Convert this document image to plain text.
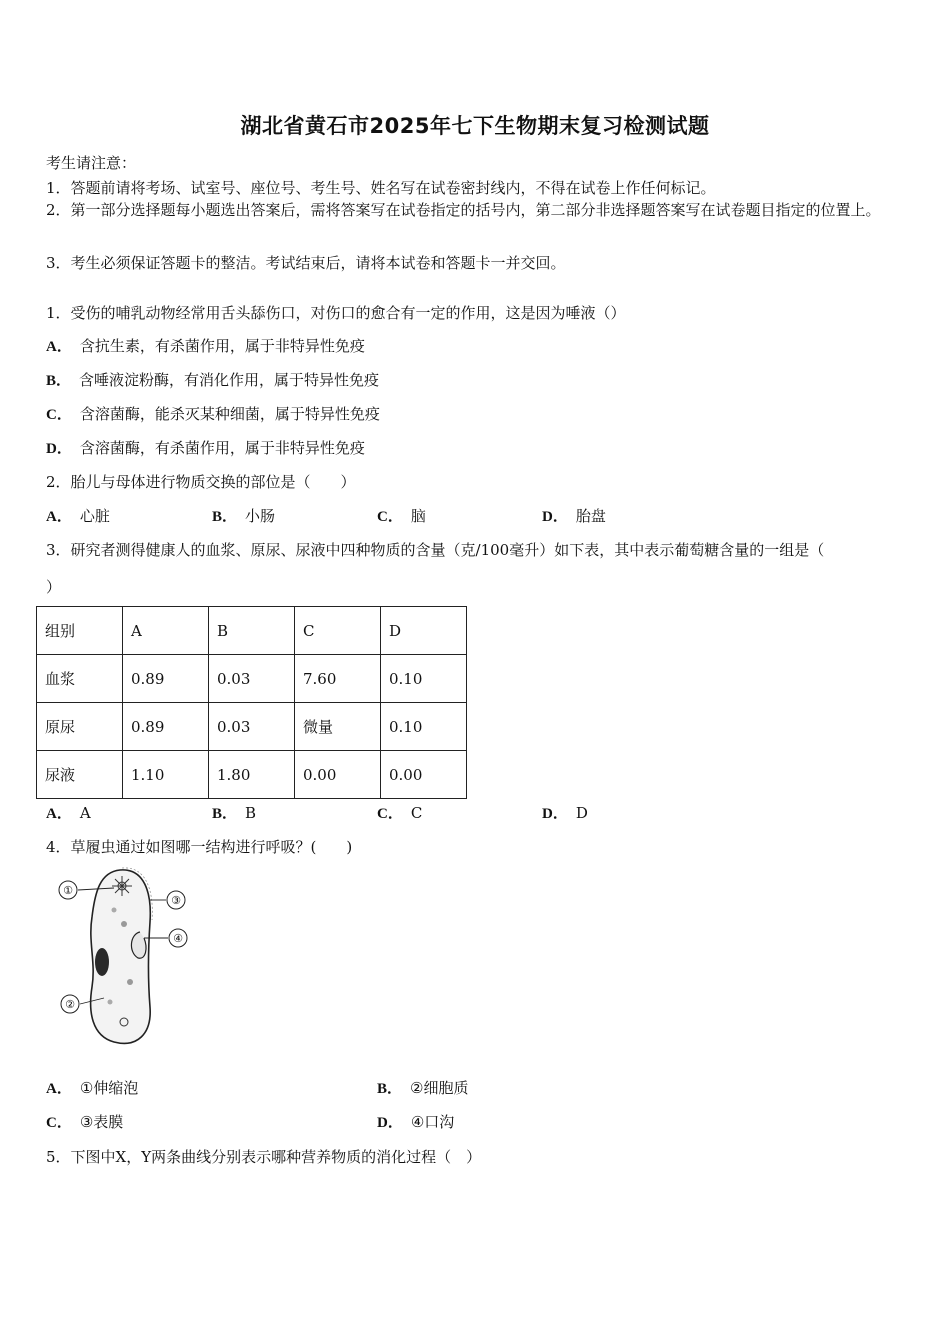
湖北省黄石市2025年七下生物期末复习检测试题
考生请注意：
1．答题前请将考场、试室号、座位号、考生号、姓名写在试卷密封线内，不得在试卷上作任何标记。
2．第一部分选择题每小题选出答案后，需将答案写在试卷指定的括号内，第二部分非选择题答案写在试卷题目指定的位置上。
3．考生必须保证答题卡的整洁。考试结束后，请将本试卷和答题卡一并交回。
1．受伤的哺乳动物经常用舌头舔伤口，对伤口的愈合有一定的作用，这是因为唾液（）
A． 含抗生素，有杀菌作用，属于非特异性免疫
B． 含唾液淀粉酶，有消化作用，属于特异性免疫
C． 含溶菌酶，能杀灭某种细菌，属于特异性免疫
D． 含溶菌酶，有杀菌作用，属于非特异性免疫
2．胎儿与母体进行物质交换的部位是（　　）
A． 心脏	B． 小肠	C． 脑	D． 胎盘
3．研究者测得健康人的血浆、原尿、尿液中四种物质的含量（克/100毫升）如下表，其中表示葡萄糖含量的一组是（
）
组别	A	B	C	D
血浆	0.89	0.03	7.60	0.10
原尿	0.89	0.03	微量	0.10
尿液	1.10	1.80	0.00	0.00
A． A	B． B	C． C	D． D
4．草履虫通过如图哪一结构进行呼吸？(　　)
①
②
③
④
A． ①伸缩泡	B． ②细胞质
C． ③表膜	D． ④口沟
5．下图中X，Y两条曲线分别表示哪种营养物质的消化过程（　）
